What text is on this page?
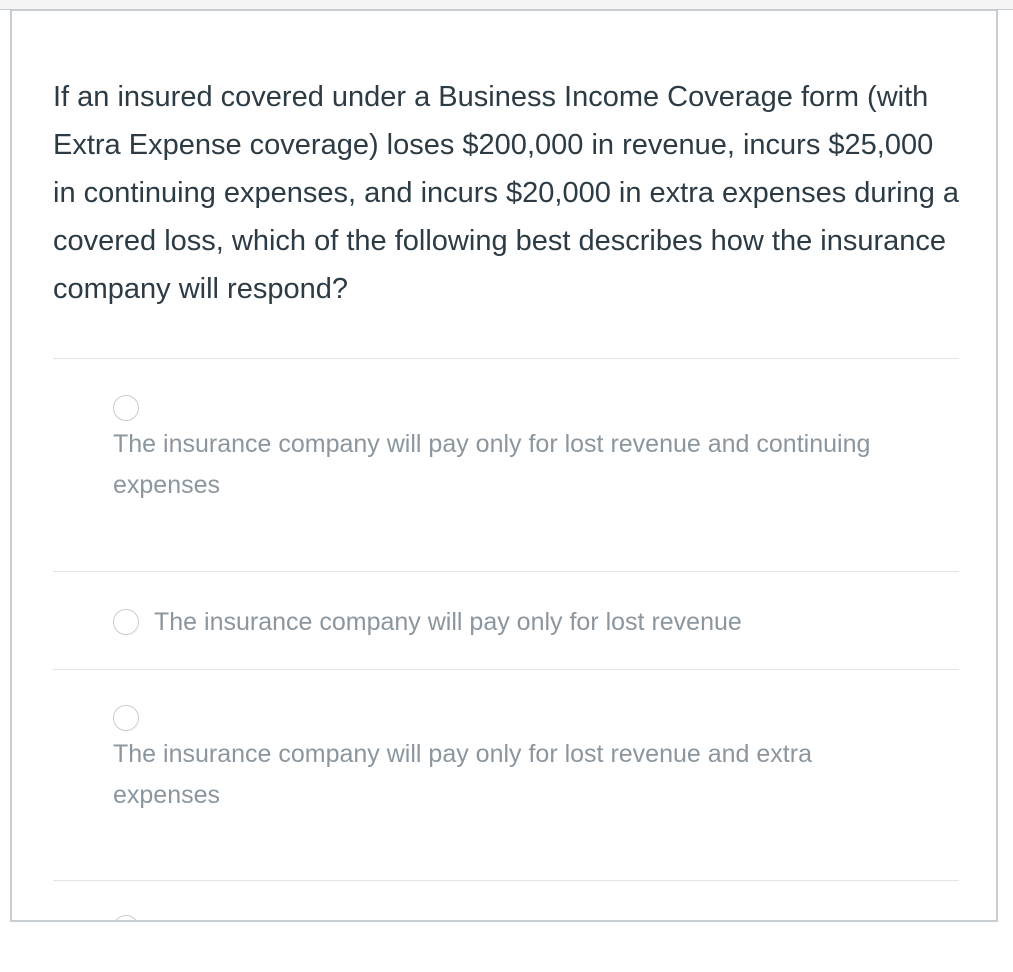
If an insured covered under a Business Income Coverage form (with Extra Expense coverage) loses $200,000 in revenue, incurs $25,000 in continuing expenses, and incurs $20,000 in extra expenses during a covered loss, which of the following best describes how the insurance company will respond?

The insurance company will pay only for lost revenue and continuing expenses

The insurance company will pay only for lost revenue

The insurance company will pay only for lost revenue and extra expenses
